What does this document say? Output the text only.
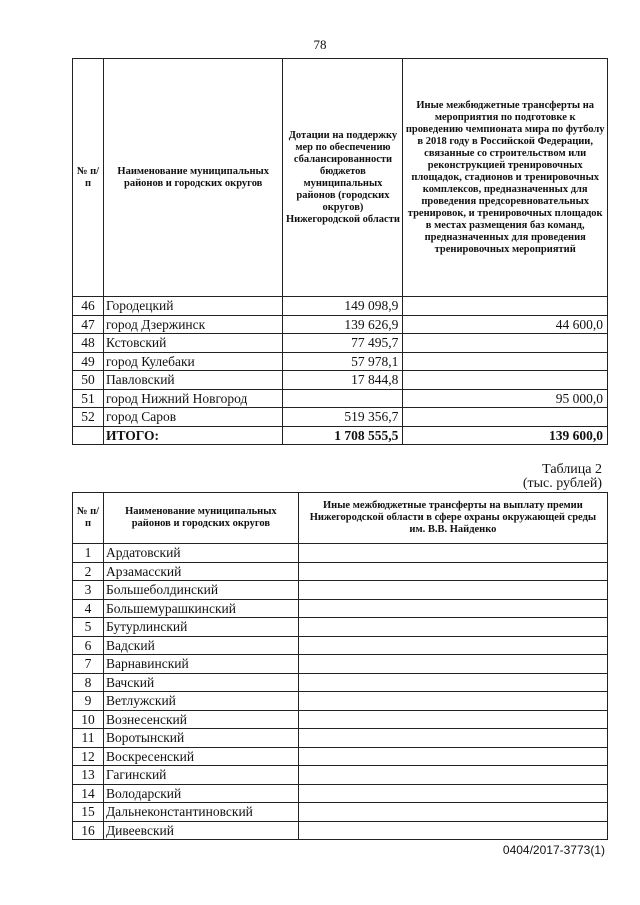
78
№ п/п	Наименование муниципальных районов и городских округов	Дотации на поддержку мер по обеспечению сбалансированности бюджетов муниципальных районов (городских округов) Нижегородской области	Иные межбюджетные трансферты на мероприятия по подготовке к проведению чемпионата мира по футболу в 2018 году в Российской Федерации, связанные со строительством или реконструкцией тренировочных площадок, стадионов и тренировочных комплексов, предназначенных для проведения предсоревновательных тренировок, и тренировочных площадок в местах размещения баз команд, предназначенных для проведения тренировочных мероприятий
46	Городецкий	149 098,9	
47	город Дзержинск	139 626,9	44 600,0
48	Кстовский	77 495,7	
49	город Кулебаки	57 978,1	
50	Павловский	17 844,8	
51	город Нижний Новгород		95 000,0
52	город Саров	519 356,7	
	ИТОГО:	1 708 555,5	139 600,0
Таблица 2
(тыс. рублей)
№ п/п	Наименование муниципальных районов и городских округов	Иные межбюджетные трансферты на выплату премии Нижегородской области в сфере охраны окружающей среды им. В.В. Найденко
1	Ардатовский	
2	Арзамасский	
3	Большеболдинский	
4	Большемурашкинский	
5	Бутурлинский	
6	Вадский	
7	Варнавинский	
8	Вачский	
9	Ветлужский	
10	Вознесенский	
11	Воротынский	
12	Воскресенский	
13	Гагинский	
14	Володарский	
15	Дальнеконстантиновский	
16	Дивеевский	
0404/2017-3773(1)
